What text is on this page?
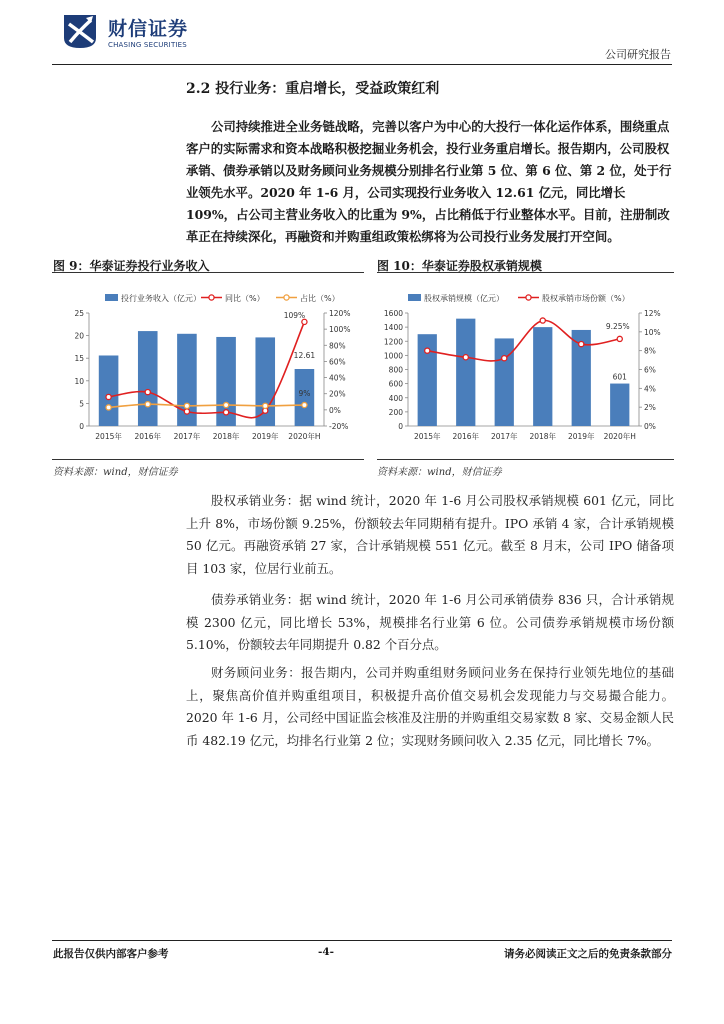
财信证券
CHASING SECURITIES
公司研究报告
2.2 投行业务：重启增长，受益政策红利
公司持续推进全业务链战略，完善以客户为中心的大投行一体化运作体系，围绕重点客户的实际需求和资本战略积极挖掘业务机会，投行业务重启增长。报告期内，公司股权承销、债券承销以及财务顾问业务规模分别排名行业第 5 位、第 6 位、第 2 位，处于行业领先水平。2020 年 1-6 月，公司实现投行业务收入 12.61 亿元，同比增长 109%，占公司主营业务收入的比重为 9%，占比稍低于行业整体水平。目前，注册制改革正在持续深化，再融资和并购重组政策松绑将为公司投行业务发展打开空间。
图 9：华泰证券投行业务收入	图 10：华泰证券股权承销规模
投行业务收入（亿元）	同比（%）	占比（%）
0
5
10
15
20
25
-20%
0%
20%
40%
60%
80%
100%
120%
2015年 2016年 2017年 2018年 2019年 2020年H
109%
12.61
9%
股权承销规模（亿元）	股权承销市场份额（%）
0
200
400
600
800
1000
1200
1400
1600
0%
2%
4%
6%
8%
10%
12%
2015年 2016年 2017年 2018年 2019年 2020年H
9.25%
601
资料来源：wind，财信证券	资料来源：wind，财信证券
股权承销业务：据 wind 统计，2020 年 1-6 月公司股权承销规模 601 亿元，同比上升 8%，市场份额 9.25%，份额较去年同期稍有提升。IPO 承销 4 家，合计承销规模 50 亿元。再融资承销 27 家，合计承销规模 551 亿元。截至 8 月末，公司 IPO 储备项目 103 家，位居行业前五。
债券承销业务：据 wind 统计，2020 年 1-6 月公司承销债券 836 只，合计承销规模 2300 亿元，同比增长 53%，规模排名行业第 6 位。公司债券承销规模市场份额 5.10%，份额较去年同期提升 0.82 个百分点。
财务顾问业务：报告期内，公司并购重组财务顾问业务在保持行业领先地位的基础上，聚焦高价值并购重组项目，积极提升高价值交易机会发现能力与交易撮合能力。2020 年 1-6 月，公司经中国证监会核准及注册的并购重组交易家数 8 家、交易金额人民币 482.19 亿元，均排名行业第 2 位；实现财务顾问收入 2.35 亿元，同比增长 7%。
此报告仅供内部客户参考	-4-	请务必阅读正文之后的免责条款部分
